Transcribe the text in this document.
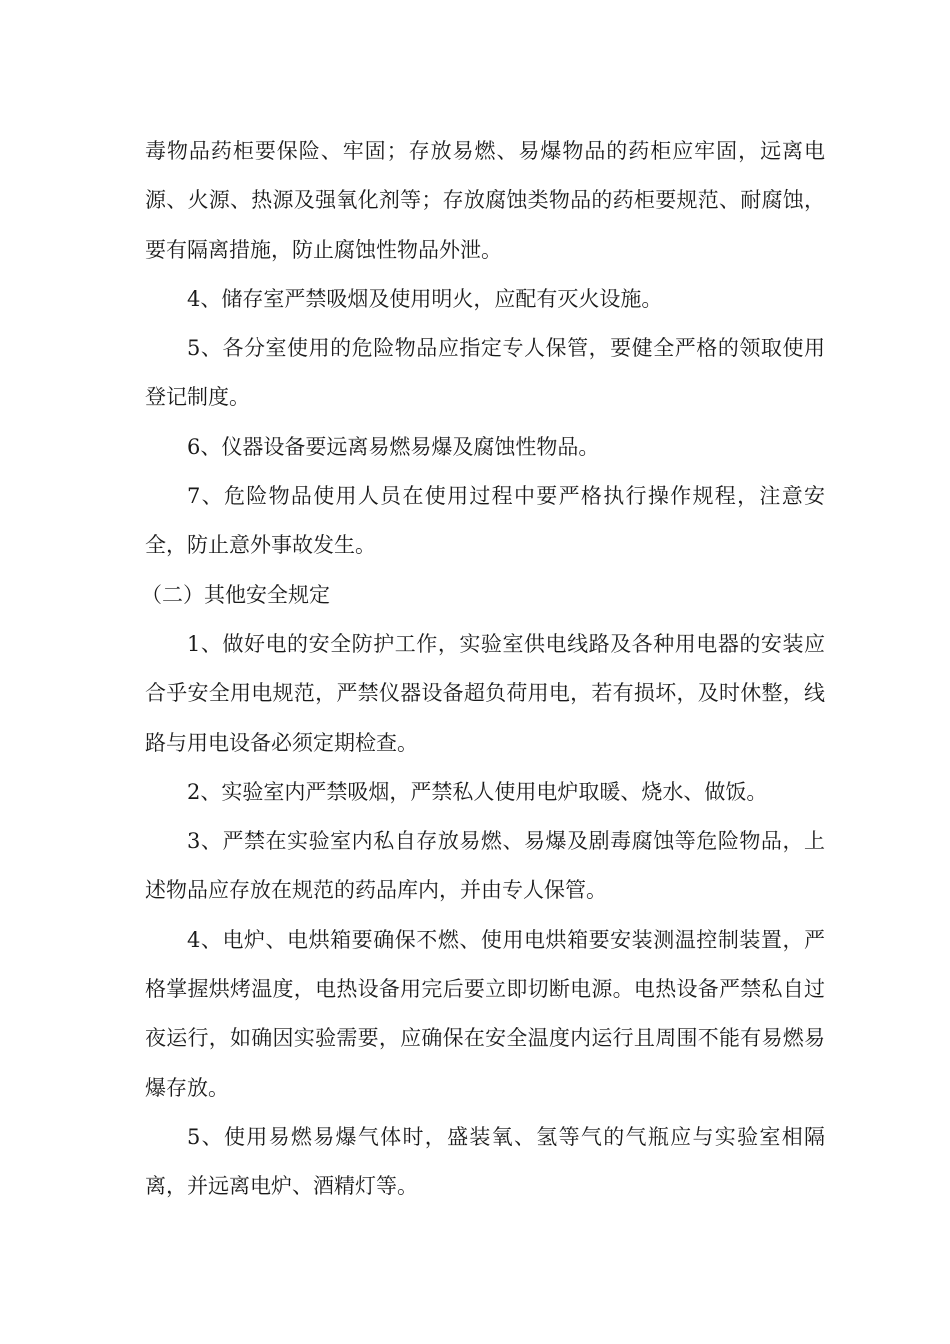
毒物品药柜要保险、牢固；存放易燃、易爆物品的药柜应牢固，远离电源、火源、热源及强氧化剂等；存放腐蚀类物品的药柜要规范、耐腐蚀，要有隔离措施，防止腐蚀性物品外泄。

4、储存室严禁吸烟及使用明火，应配有灭火设施。

5、各分室使用的危险物品应指定专人保管，要健全严格的领取使用登记制度。

6、仪器设备要远离易燃易爆及腐蚀性物品。

7、危险物品使用人员在使用过程中要严格执行操作规程，注意安全，防止意外事故发生。

（二）其他安全规定

1、做好电的安全防护工作，实验室供电线路及各种用电器的安装应合乎安全用电规范，严禁仪器设备超负荷用电，若有损坏，及时休整，线路与用电设备必须定期检查。

2、实验室内严禁吸烟，严禁私人使用电炉取暖、烧水、做饭。

3、严禁在实验室内私自存放易燃、易爆及剧毒腐蚀等危险物品，上述物品应存放在规范的药品库内，并由专人保管。

4、电炉、电烘箱要确保不燃、使用电烘箱要安装测温控制装置，严格掌握烘烤温度，电热设备用完后要立即切断电源。电热设备严禁私自过夜运行，如确因实验需要，应确保在安全温度内运行且周围不能有易燃易爆存放。

5、使用易燃易爆气体时，盛装氧、氢等气的气瓶应与实验室相隔离，并远离电炉、酒精灯等。
